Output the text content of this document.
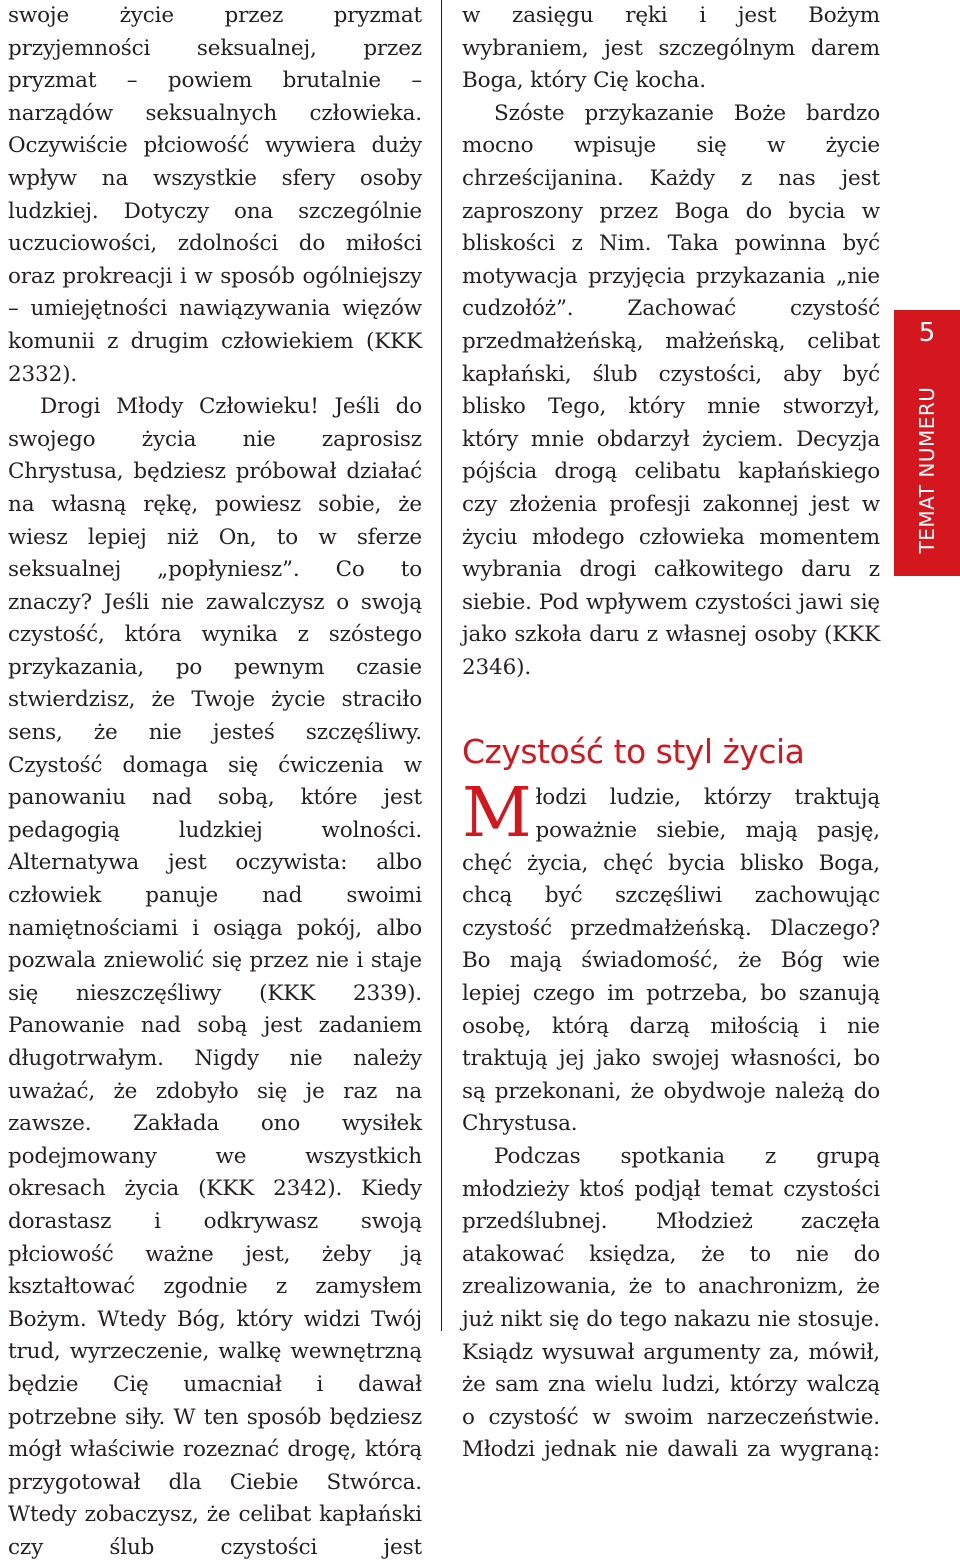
swoje życie przez pryzmat przyjemności seksualnej, przez pryzmat – powiem brutalnie – narządów seksualnych człowieka. Oczywiście płciowość wywiera duży wpływ na wszystkie sfery osoby ludzkiej. Dotyczy ona szczególnie uczuciowości, zdolności do miłości oraz prokreacji i w sposób ogólniejszy – umiejętności nawiązywania więzów komunii z drugim człowiekiem (KKK 2332).

Drogi Młody Człowieku! Jeśli do swojego życia nie zaprosisz Chrystusa, będziesz próbował działać na własną rękę, powiesz sobie, że wiesz lepiej niż On, to w sferze seksualnej „popłyniesz”. Co to znaczy? Jeśli nie zawalczysz o swoją czystość, która wynika z szóstego przykazania, po pewnym czasie stwierdzisz, że Twoje życie straciło sens, że nie jesteś szczęśliwy. Czystość domaga się ćwiczenia w panowaniu nad sobą, które jest pedagogią ludzkiej wolności. Alternatywa jest oczywista: albo człowiek panuje nad swoimi namiętnościami i osiąga pokój, albo pozwala zniewolić się przez nie i staje się nieszczęśliwy (KKK 2339). Panowanie nad sobą jest zadaniem długotrwałym. Nigdy nie należy uważać, że zdobyło się je raz na zawsze. Zakłada ono wysiłek podejmowany we wszystkich okresach życia (KKK 2342). Kiedy dorastasz i odkrywasz swoją płciowość ważne jest, żeby ją kształtować zgodnie z zamysłem Bożym. Wtedy Bóg, który widzi Twój trud, wyrzeczenie, walkę wewnętrzną będzie Cię umacniał i dawał potrzebne siły. W ten sposób będziesz mógł właściwie rozeznać drogę, którą przygotował dla Ciebie Stwórca. Wtedy zobaczysz, że celibat kapłański czy ślub czystości jest

w zasięgu ręki i jest Bożym wybraniem, jest szczególnym darem Boga, który Cię kocha.

Szóste przykazanie Boże bardzo mocno wpisuje się w życie chrześcijanina. Każdy z nas jest zaproszony przez Boga do bycia w bliskości z Nim. Taka powinna być motywacja przyjęcia przykazania „nie cudzołóż”. Zachować czystość przedmałżeńską, małżeńską, celibat kapłański, ślub czystości, aby być blisko Tego, który mnie stworzył, który mnie obdarzył życiem. Decyzja pójścia drogą celibatu kapłańskiego czy złożenia profesji zakonnej jest w życiu młodego człowieka momentem wybrania drogi całkowitego daru z siebie. Pod wpływem czystości jawi się jako szkoła daru z własnej osoby (KKK 2346).

Czystość to styl życia

Młodzi ludzie, którzy traktują poważnie siebie, mają pasję, chęć życia, chęć bycia blisko Boga, chcą być szczęśliwi zachowując czystość przedmałżeńską. Dlaczego? Bo mają świadomość, że Bóg wie lepiej czego im potrzeba, bo szanują osobę, którą darzą miłością i nie traktują jej jako swojej własności, bo są przekonani, że obydwoje należą do Chrystusa.

Podczas spotkania z grupą młodzieży ktoś podjął temat czystości przedślubnej. Młodzież zaczęła atakować księdza, że to nie do zrealizowania, że to anachronizm, że już nikt się do tego nakazu nie stosuje. Ksiądz wysuwał argumenty za, mówił, że sam zna wielu ludzi, którzy walczą o czystość w swoim narzeczeństwie. Młodzi jednak nie dawali za wygraną:

5
TEMAT NUMERU
